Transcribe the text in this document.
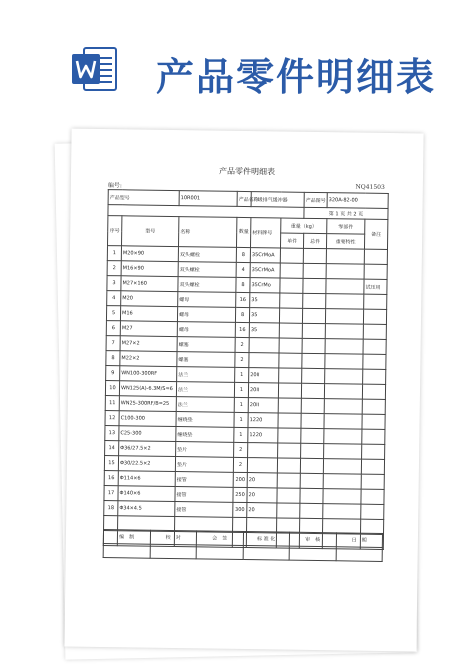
产品零件明细表
产品零件明细表
编号:	NQ41503
产品型号		10R001	产品名称	二级排气缓冲器		产品图号	320A-82-00	
						第 1 页 共 2 页		
序号	型号	名称	数量	材料牌号	重量（kg）		零部件	备注
					单件	总件	重要特性	
1	M20×90	双头螺栓	8	35CrMoA				
2	M16×90	双头螺栓	4	35CrMoA				
3	M27×160	双头螺栓	8	35CrMo				试压用
4	M20	螺母	16	35				
5	M16	螺母	8	35				
6	M27	螺母	16	35				
7	M27×2	螺塞	2					
8	M22×2	螺塞	2					
9	WN100-300RF	法兰	1	20II				
10	WN125(A)-6.3M/S=6	法兰	1	20II				
11	WN25-300RF/B=25	法兰	1	20II				
12	C100-300	缠绕垫	1	1220				
13	C25-300	缠绕垫	1	1220				
14	Φ36/27.5×2	垫片	2					
15	Φ30/22.5×2	垫片	2					
16	Φ114×6	接管	200	20				
17	Φ140×6	接管	250	20				
18	Φ34×4.5	接管	300	20				

编　制	校　对	会　签	标 准 化	审　核	日　期
